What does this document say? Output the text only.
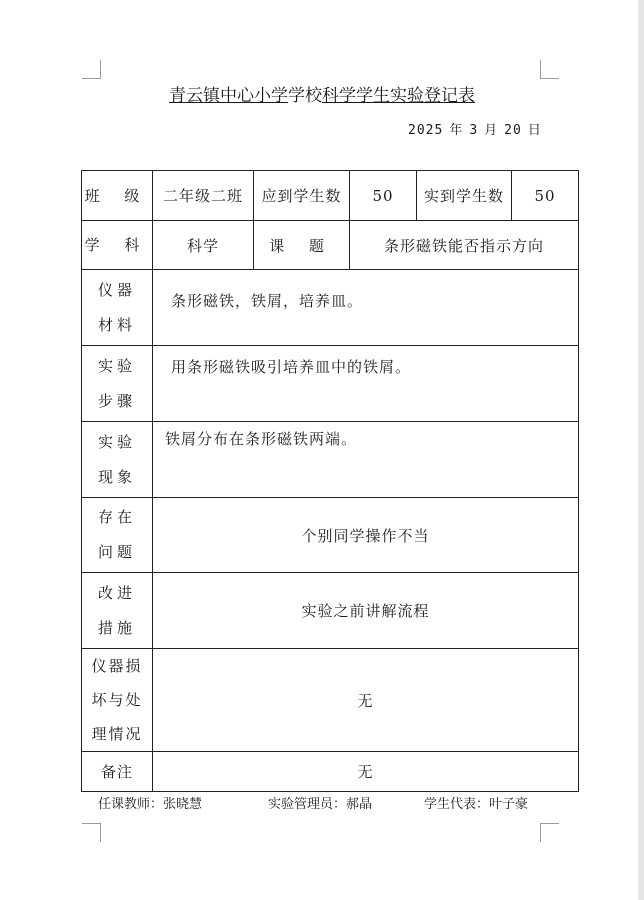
青云镇中心小学学校科学学生实验登记表
2025 年 3 月 20 日
班 级	二年级二班	应到学生数	50	实到学生数	50
学 科	科学	课 题	条形磁铁能否指示方向		

仪器
材料	条形磁铁，铁屑，培养皿。				

实验
步骤	用条形磁铁吸引培养皿中的铁屑。				

实验
现象	铁屑分布在条形磁铁两端。				

存在
问题	个别同学操作不当				

改进
措施	实验之前讲解流程				

仪器损
坏与处
理情况	无				
备注	无				
任课教师：张晓慧	实验管理员：郝晶	学生代表：叶子豪
